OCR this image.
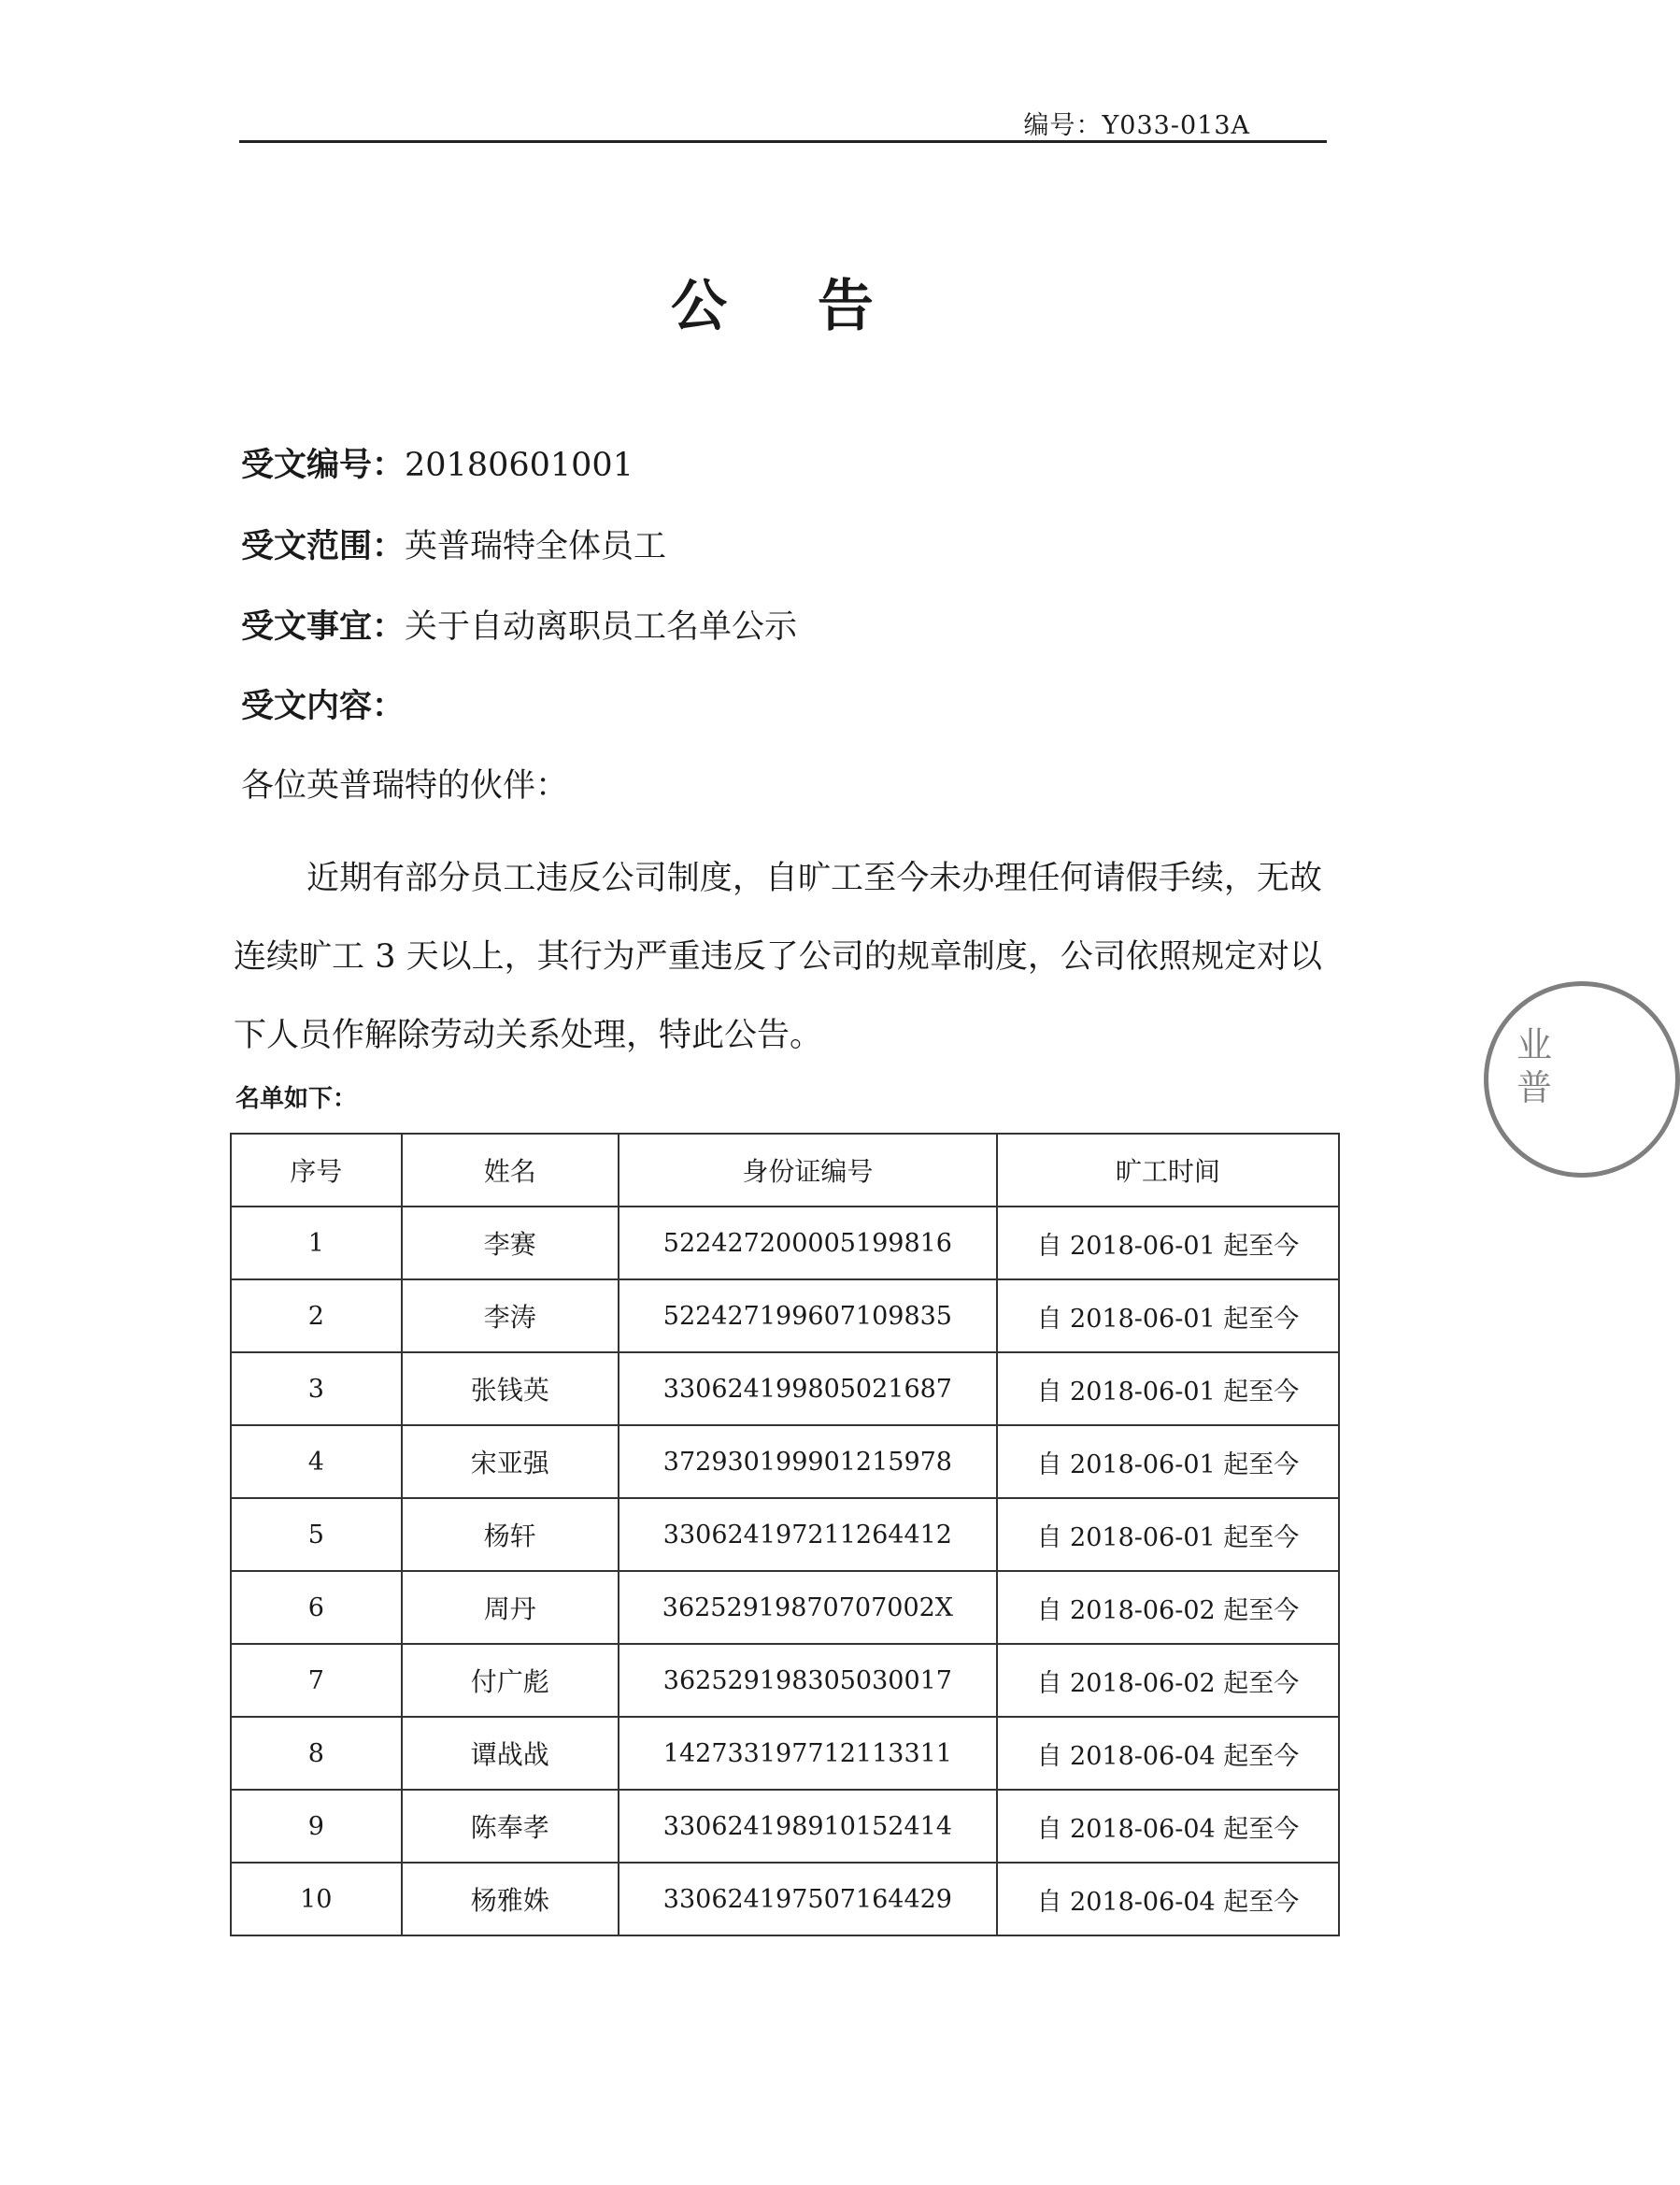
编号：Y033-013A
公 告
受文编号：20180601001
受文范围：英普瑞特全体员工
受文事宜：关于自动离职员工名单公示
受文内容：
各位英普瑞特的伙伴：
近期有部分员工违反公司制度，自旷工至今未办理任何请假手续，无故连续旷工 3 天以上，其行为严重违反了公司的规章制度，公司依照规定对以下人员作解除劳动关系处理，特此公告。
名单如下：
序号	姓名	身份证编号	旷工时间
1	李赛	522427200005199816	自 2018-06-01 起至今
2	李涛	522427199607109835	自 2018-06-01 起至今
3	张钱英	330624199805021687	自 2018-06-01 起至今
4	宋亚强	372930199901215978	自 2018-06-01 起至今
5	杨轩	330624197211264412	自 2018-06-01 起至今
6	周丹	36252919870707002X	自 2018-06-02 起至今
7	付广彪	362529198305030017	自 2018-06-02 起至今
8	谭战战	142733197712113311	自 2018-06-04 起至今
9	陈奉孝	330624198910152414	自 2018-06-04 起至今
10	杨雅姝	330624197507164429	自 2018-06-04 起至今
业普
